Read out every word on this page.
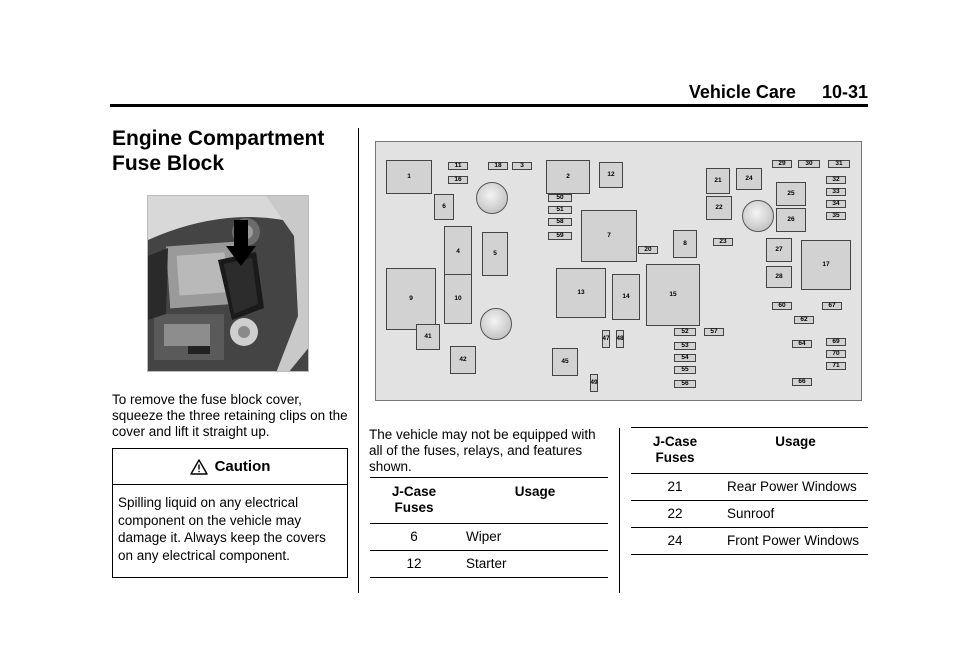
Vehicle Care 10-31
Engine Compartment Fuse Block

To remove the fuse block cover, squeeze the three retaining clips on the cover and lift it straight up.

Caution
Spilling liquid on any electrical component on the vehicle may damage it. Always keep the covers on any electrical component.
1	2	12
6
4	5
7
8
9	10
13
14	15
41
42	45
21	24
22
25
26
27
28
17
3
18
11
16
29	30	31
32
33
34
35
20
23
60	67
62
64	69
70
71
66
52	57
53
54
55
56
50
51
58
59
47 48
49

The vehicle may not be equipped with all of the fuses, relays, and features shown.

J-Case Fuses	Usage
6	Wiper
12	Starter
J-Case Fuses	Usage
21	Rear Power Windows
22	Sunroof
24	Front Power Windows
